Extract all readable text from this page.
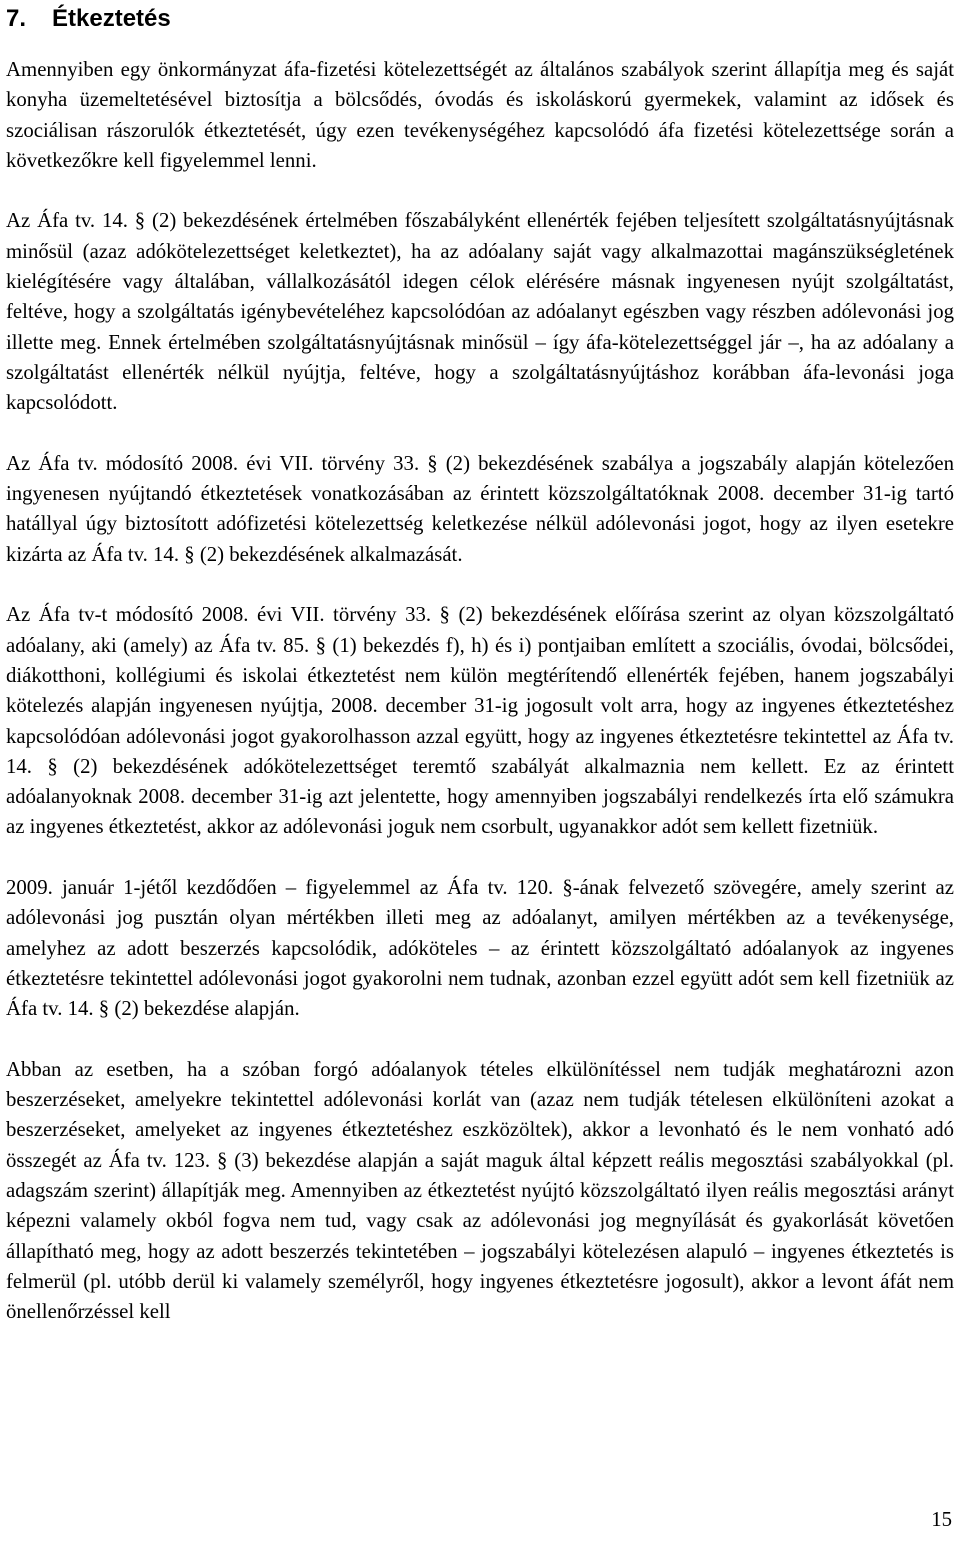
7. Étkeztetés

Amennyiben egy önkormányzat áfa-fizetési kötelezettségét az általános szabályok szerint állapítja meg és saját konyha üzemeltetésével biztosítja a bölcsődés, óvodás és iskoláskorú gyermekek, valamint az idősek és szociálisan rászorulók étkeztetését, úgy ezen tevékenységéhez kapcsolódó áfa fizetési kötelezettsége során a következőkre kell figyelemmel lenni.

Az Áfa tv. 14. § (2) bekezdésének értelmében főszabályként ellenérték fejében teljesített szolgáltatásnyújtásnak minősül (azaz adókötelezettséget keletkeztet), ha az adóalany saját vagy alkalmazottai magánszükségletének kielégítésére vagy általában, vállalkozásától idegen célok elérésére másnak ingyenesen nyújt szolgáltatást, feltéve, hogy a szolgáltatás igénybevételéhez kapcsolódóan az adóalanyt egészben vagy részben adólevonási jog illette meg. Ennek értelmében szolgáltatásnyújtásnak minősül – így áfa-kötelezettséggel jár –, ha az adóalany a szolgáltatást ellenérték nélkül nyújtja, feltéve, hogy a szolgáltatásnyújtáshoz korábban áfa-levonási joga kapcsolódott.

Az Áfa tv. módosító 2008. évi VII. törvény 33. § (2) bekezdésének szabálya a jogszabály alapján kötelezően ingyenesen nyújtandó étkeztetések vonatkozásában az érintett közszolgáltatóknak 2008. december 31-ig tartó hatállyal úgy biztosított adófizetési kötelezettség keletkezése nélkül adólevonási jogot, hogy az ilyen esetekre kizárta az Áfa tv. 14. § (2) bekezdésének alkalmazását.

Az Áfa tv-t módosító 2008. évi VII. törvény 33. § (2) bekezdésének előírása szerint az olyan közszolgáltató adóalany, aki (amely) az Áfa tv. 85. § (1) bekezdés f), h) és i) pontjaiban említett a szociális, óvodai, bölcsődei, diákotthoni, kollégiumi és iskolai étkeztetést nem külön megtérítendő ellenérték fejében, hanem jogszabályi kötelezés alapján ingyenesen nyújtja, 2008. december 31-ig jogosult volt arra, hogy az ingyenes étkeztetéshez kapcsolódóan adólevonási jogot gyakorolhasson azzal együtt, hogy az ingyenes étkeztetésre tekintettel az Áfa tv. 14. § (2) bekezdésének adókötelezettséget teremtő szabályát alkalmaznia nem kellett. Ez az érintett adóalanyoknak 2008. december 31-ig azt jelentette, hogy amennyiben jogszabályi rendelkezés írta elő számukra az ingyenes étkeztetést, akkor az adólevonási joguk nem csorbult, ugyanakkor adót sem kellett fizetniük.

2009. január 1-jétől kezdődően – figyelemmel az Áfa tv. 120. §-ának felvezető szövegére, amely szerint az adólevonási jog pusztán olyan mértékben illeti meg az adóalanyt, amilyen mértékben az a tevékenysége, amelyhez az adott beszerzés kapcsolódik, adóköteles – az érintett közszolgáltató adóalanyok az ingyenes étkeztetésre tekintettel adólevonási jogot gyakorolni nem tudnak, azonban ezzel együtt adót sem kell fizetniük az Áfa tv. 14. § (2) bekezdése alapján.

Abban az esetben, ha a szóban forgó adóalanyok tételes elkülönítéssel nem tudják meghatározni azon beszerzéseket, amelyekre tekintettel adólevonási korlát van (azaz nem tudják tételesen elkülöníteni azokat a beszerzéseket, amelyeket az ingyenes étkeztetéshez eszközöltek), akkor a levonható és le nem vonható adó összegét az Áfa tv. 123. § (3) bekezdése alapján a saját maguk által képzett reális megosztási szabályokkal (pl. adagszám szerint) állapítják meg. Amennyiben az étkeztetést nyújtó közszolgáltató ilyen reális megosztási arányt képezni valamely okból fogva nem tud, vagy csak az adólevonási jog megnyílását és gyakorlását követően állapítható meg, hogy az adott beszerzés tekintetében – jogszabályi kötelezésen alapuló – ingyenes étkeztetés is felmerül (pl. utóbb derül ki valamely személyről, hogy ingyenes étkeztetésre jogosult), akkor a levont áfát nem önellenőrzéssel kell

15
